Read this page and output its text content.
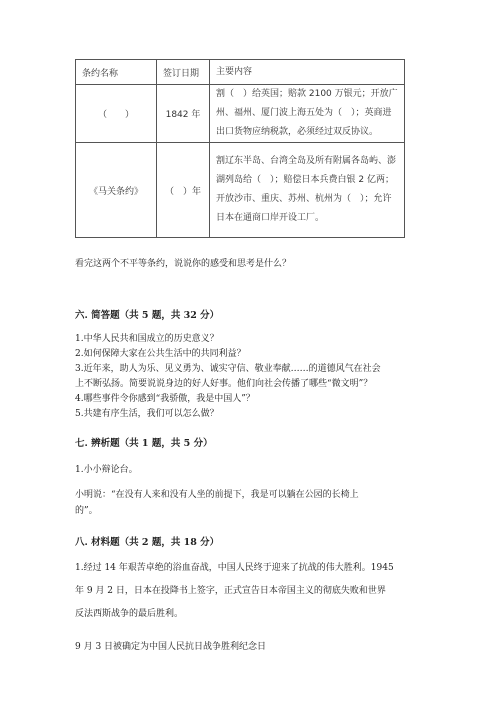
条约名称	签订日期	主要内容
（　　）	1842 年	割（　）给英国；赔款 2100 万银元；开放广州、福州、厦门波上海五处为（　）；英商进出口货物应纳税款，必须经过双反协议。
《马关条约》	（　）年	割辽东半岛、台湾全岛及所有附属各岛屿、澎湖列岛给（　）；赔偿日本兵费白银 2 亿两；开放沙市、重庆、苏州、杭州为（　）；允许日本在通商口岸开设工厂。
看完这两个不平等条约，说说你的感受和思考是什么？
六. 简答题（共 5 题，共 32 分）
1.中华人民共和国成立的历史意义？
2.如何保障大家在公共生活中的共同利益？
3.近年来，助人为乐、见义勇为、诚实守信、敬业奉献……的道德风气在社会
上不断弘扬。简要说说身边的好人好事。他们向社会传播了哪些“微文明”？
4.哪些事件令你感到“我骄傲，我是中国人”？
5.共建有序生活，我们可以怎么做？
七. 辨析题（共 1 题，共 5 分）
1.小小辩论台。
小明说：“在没有人来和没有人坐的前提下，我是可以躺在公园的长椅上
的”。
八. 材料题（共 2 题，共 18 分）
1.经过 14 年艰苦卓绝的浴血奋战，中国人民终于迎来了抗战的伟大胜利。1945
年 9 月 2 日，日本在投降书上签字，正式宣告日本帝国主义的彻底失败和世界
反法西斯战争的最后胜利。
9 月 3 日被确定为中国人民抗日战争胜利纪念日
